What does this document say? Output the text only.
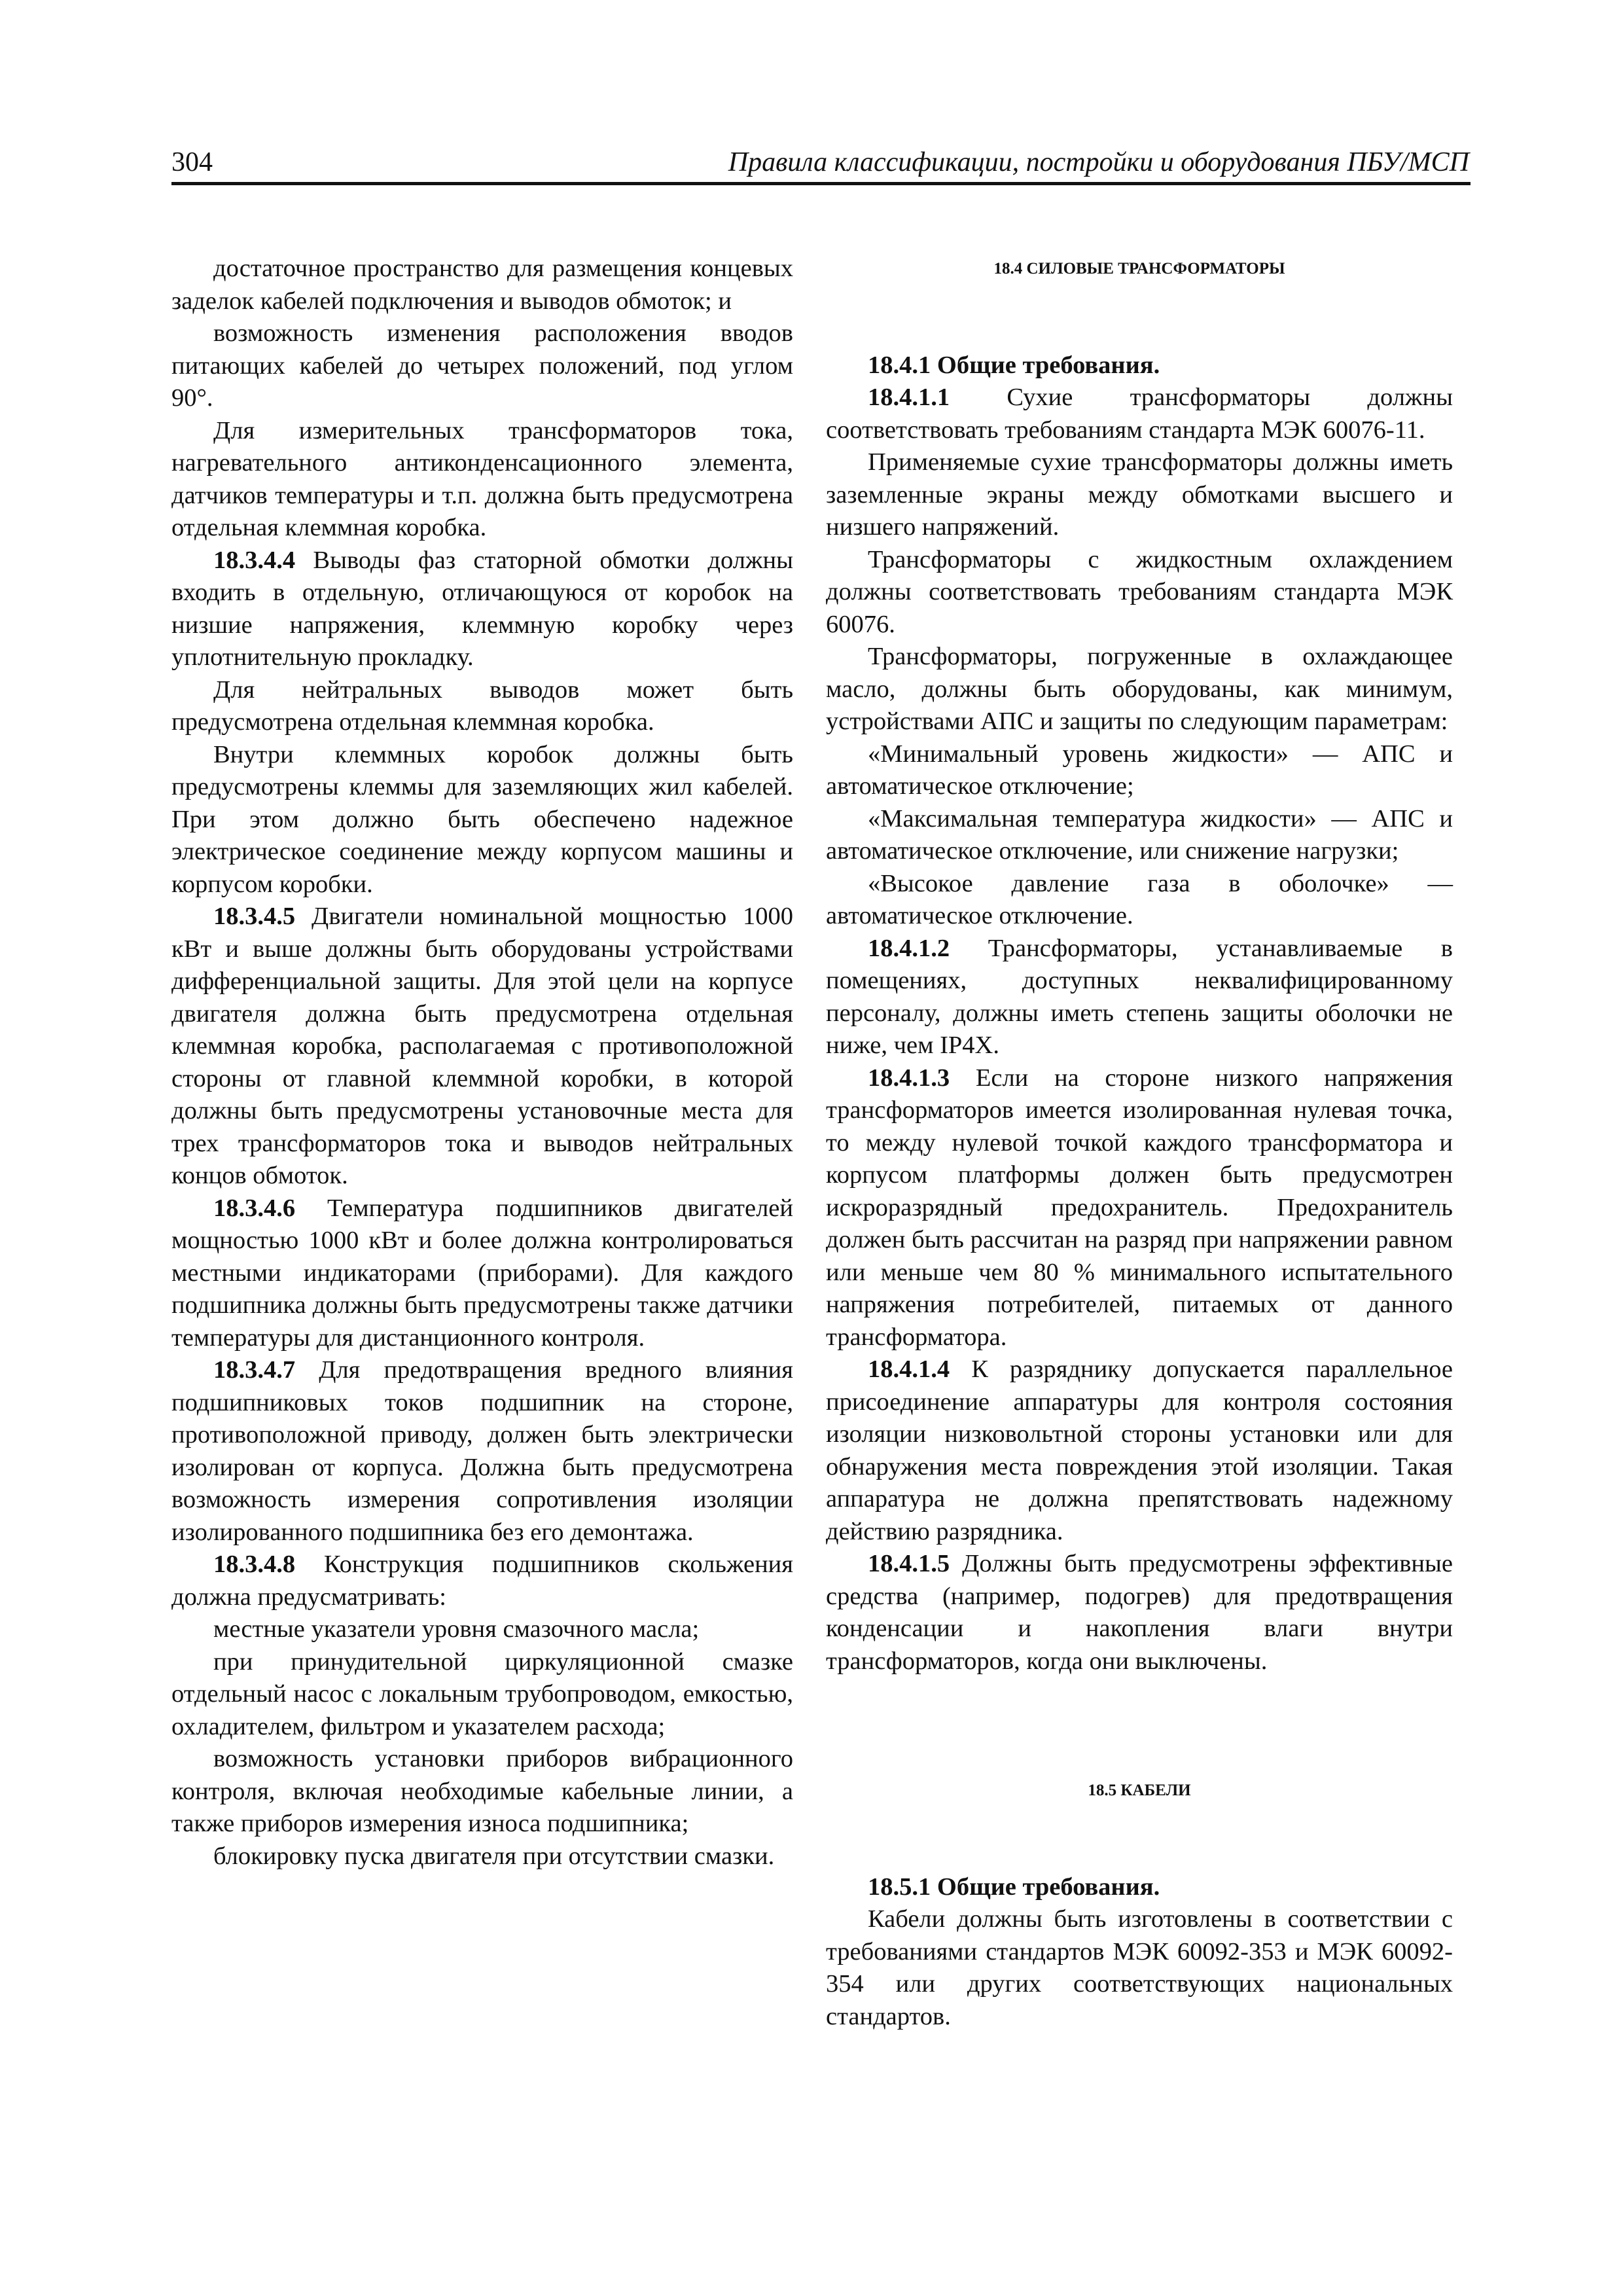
304	Правила классификации, постройки и оборудования ПБУ/МСП

достаточное пространство для размещения концевых заделок кабелей подключения и выводов обмоток; и

возможность изменения расположения вводов питающих кабелей до четырех положений, под углом 90°.

Для измерительных трансформаторов тока, нагревательного антиконденсационного элемента, датчиков температуры и т.п. должна быть предусмотрена отдельная клеммная коробка.

18.3.4.4 Выводы фаз статорной обмотки должны входить в отдельную, отличающуюся от коробок на низшие напряжения, клеммную коробку через уплотнительную прокладку.

Для нейтральных выводов может быть предусмотрена отдельная клеммная коробка.

Внутри клеммных коробок должны быть предусмотрены клеммы для заземляющих жил кабелей. При этом должно быть обеспечено надежное электрическое соединение между корпусом машины и корпусом коробки.

18.3.4.5 Двигатели номинальной мощностью 1000 кВт и выше должны быть оборудованы устройствами дифференциальной защиты. Для этой цели на корпусе двигателя должна быть предусмотрена отдельная клеммная коробка, располагаемая с противоположной стороны от главной клеммной коробки, в которой должны быть предусмотрены установочные места для трех трансформаторов тока и выводов нейтральных концов обмоток.

18.3.4.6 Температура подшипников двигателей мощностью 1000 кВт и более должна контролироваться местными индикаторами (приборами). Для каждого подшипника должны быть предусмотрены также датчики температуры для дистанционного контроля.

18.3.4.7 Для предотвращения вредного влияния подшипниковых токов подшипник на стороне, противоположной приводу, должен быть электрически изолирован от корпуса. Должна быть предусмотрена возможность измерения сопротивления изоляции изолированного подшипника без его демонтажа.

18.3.4.8 Конструкция подшипников скольжения должна предусматривать:

местные указатели уровня смазочного масла;

при принудительной циркуляционной смазке отдельный насос с локальным трубопроводом, емкостью, охладителем, фильтром и указателем расхода;

возможность установки приборов вибрационного контроля, включая необходимые кабельные линии, а также приборов измерения износа подшипника;

блокировку пуска двигателя при отсутствии смазки.

18.4 СИЛОВЫЕ ТРАНСФОРМАТОРЫ

18.4.1 Общие требования.

18.4.1.1 Сухие трансформаторы должны соответствовать требованиям стандарта МЭК 60076-11.

Применяемые сухие трансформаторы должны иметь заземленные экраны между обмотками высшего и низшего напряжений.

Трансформаторы с жидкостным охлаждением должны соответствовать требованиям стандарта МЭК 60076.

Трансформаторы, погруженные в охлаждающее масло, должны быть оборудованы, как минимум, устройствами АПС и защиты по следующим параметрам:

«Минимальный уровень жидкости» — АПС и автоматическое отключение;

«Максимальная температура жидкости» — АПС и автоматическое отключение, или снижение нагрузки;

«Высокое давление газа в оболочке» — автоматическое отключение.

18.4.1.2 Трансформаторы, устанавливаемые в помещениях, доступных неквалифицированному персоналу, должны иметь степень защиты оболочки не ниже, чем IP4X.

18.4.1.3 Если на стороне низкого напряжения трансформаторов имеется изолированная нулевая точка, то между нулевой точкой каждого трансформатора и корпусом платформы должен быть предусмотрен искроразрядный предохранитель. Предохранитель должен быть рассчитан на разряд при напряжении равном или меньше чем 80 % минимального испытательного напряжения потребителей, питаемых от данного трансформатора.

18.4.1.4 К разряднику допускается параллельное присоединение аппаратуры для контроля состояния изоляции низковольтной стороны установки или для обнаружения места повреждения этой изоляции. Такая аппаратура не должна препятствовать надежному действию разрядника.

18.4.1.5 Должны быть предусмотрены эффективные средства (например, подогрев) для предотвращения конденсации и накопления влаги внутри трансформаторов, когда они выключены.

18.5 КАБЕЛИ

18.5.1 Общие требования.

Кабели должны быть изготовлены в соответствии с требованиями стандартов МЭК 60092-353 и МЭК 60092-354 или других соответствующих национальных стандартов.
